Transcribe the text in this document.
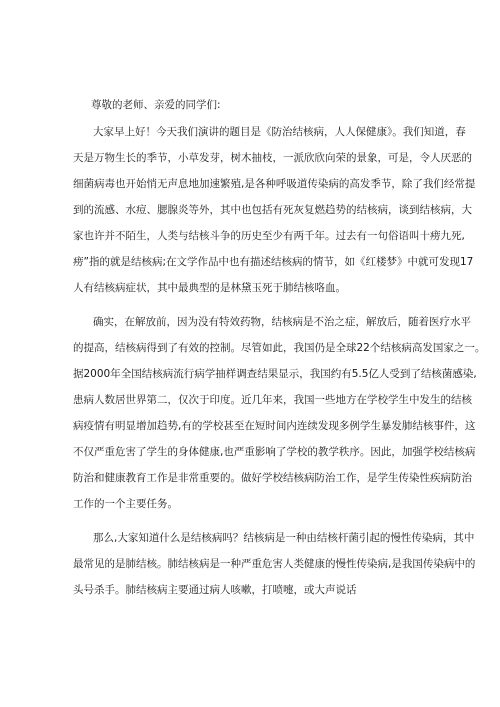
尊敬的老师、亲爱的同学们:
大家早上好！今天我们演讲的题目是《防治结核病，人人保健康》。我们知道，春
天是万物生长的季节，小草发芽，树木抽枝，一派欣欣向荣的景象，可是，令人厌恶的
细菌病毒也开始悄无声息地加速繁殖,是各种呼吸道传染病的高发季节，除了我们经常提
到的流感、水痘、腮腺炎等外，其中也包括有死灰复燃趋势的结核病，谈到结核病，大
家也许并不陌生，人类与结核斗争的历史至少有两千年。过去有一句俗语叫十痨九死,
痨”指的就是结核病;在文学作品中也有描述结核病的情节，如《红楼梦》中就可发现17
人有结核病症状，其中最典型的是林黛玉死于肺结核咯血。
确实，在解放前，因为没有特效药物，结核病是不治之症，解放后，随着医疗水平
的提高，结核病得到了有效的控制。尽管如此，我国仍是全球22个结核病高发国家之一。
据2000年全国结核病流行病学抽样调查结果显示，我国约有5.5亿人受到了结核菌感染,
患病人数居世界第二，仅次于印度。近几年来，我国一些地方在学校学生中发生的结核
病疫情有明显增加趋势,有的学校甚至在短时间内连续发现多例学生暴发肺结核事件，这
不仅严重危害了学生的身体健康,也严重影响了学校的教学秩序。因此，加强学校结核病
防治和健康教育工作是非常重要的。做好学校结核病防治工作，是学生传染性疾病防治
工作的一个主要任务。
那么,大家知道什么是结核病吗？结核病是一种由结核杆菌引起的慢性传染病，其中
最常见的是肺结核。肺结核病是一种严重危害人类健康的慢性传染病,是我国传染病中的
头号杀手。肺结核病主要通过病人咳嗽，打喷嚏，或大声说话
